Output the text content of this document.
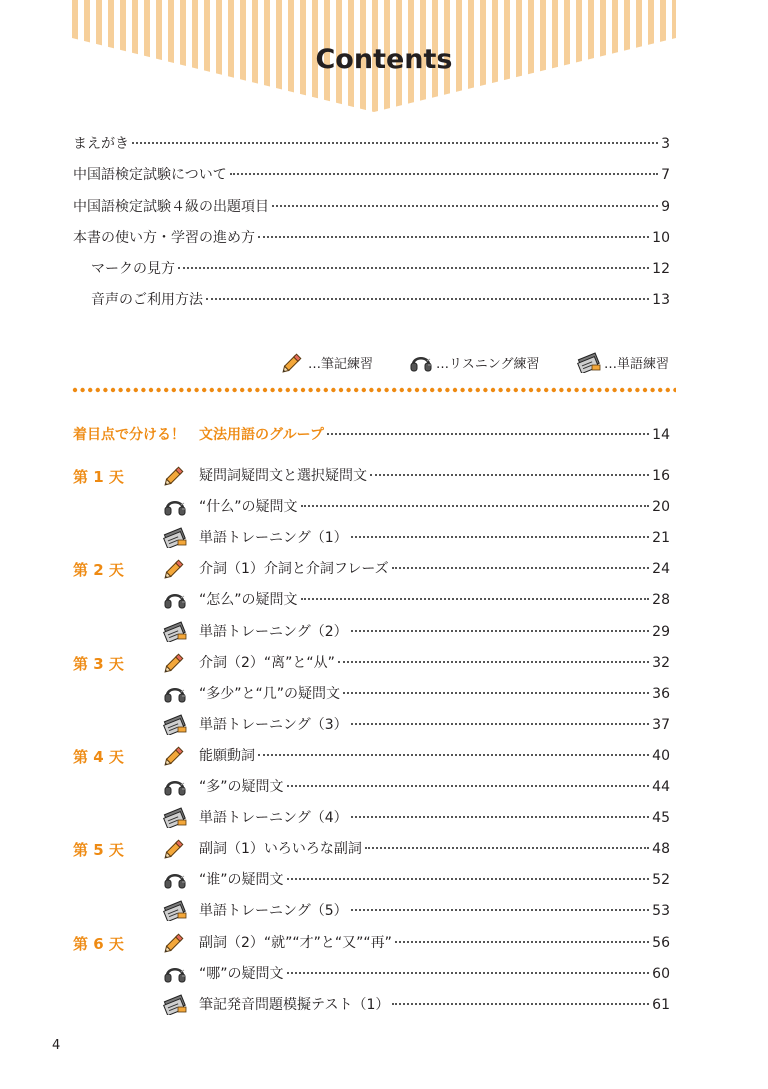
Contents
まえがき	3
中国語検定試験について	7
中国語検定試験４級の出題項目	9
本書の使い方・学習の進め方	10
マークの見方	12
音声のご利用方法	13
…筆記練習	…リスニング練習	…単語練習
着目点で分ける！　文法用語のグループ	14
第 1 天	疑問詞疑問文と選択疑問文	16
“什么”の疑問文	20
単語トレーニング（1）	21
第 2 天	介詞（1）介詞と介詞フレーズ	24
“怎么”の疑問文	28
単語トレーニング（2）	29
第 3 天	介詞（2）“离”と“从”	32
“多少”と“几”の疑問文	36
単語トレーニング（3）	37
第 4 天	能願動詞	40
“多”の疑問文	44
単語トレーニング（4）	45
第 5 天	副詞（1）いろいろな副詞	48
“谁”の疑問文	52
単語トレーニング（5）	53
第 6 天	副詞（2）“就”“才”と“又”“再”	56
“哪”の疑問文	60
筆記発音問題模擬テスト（1）	61
4
